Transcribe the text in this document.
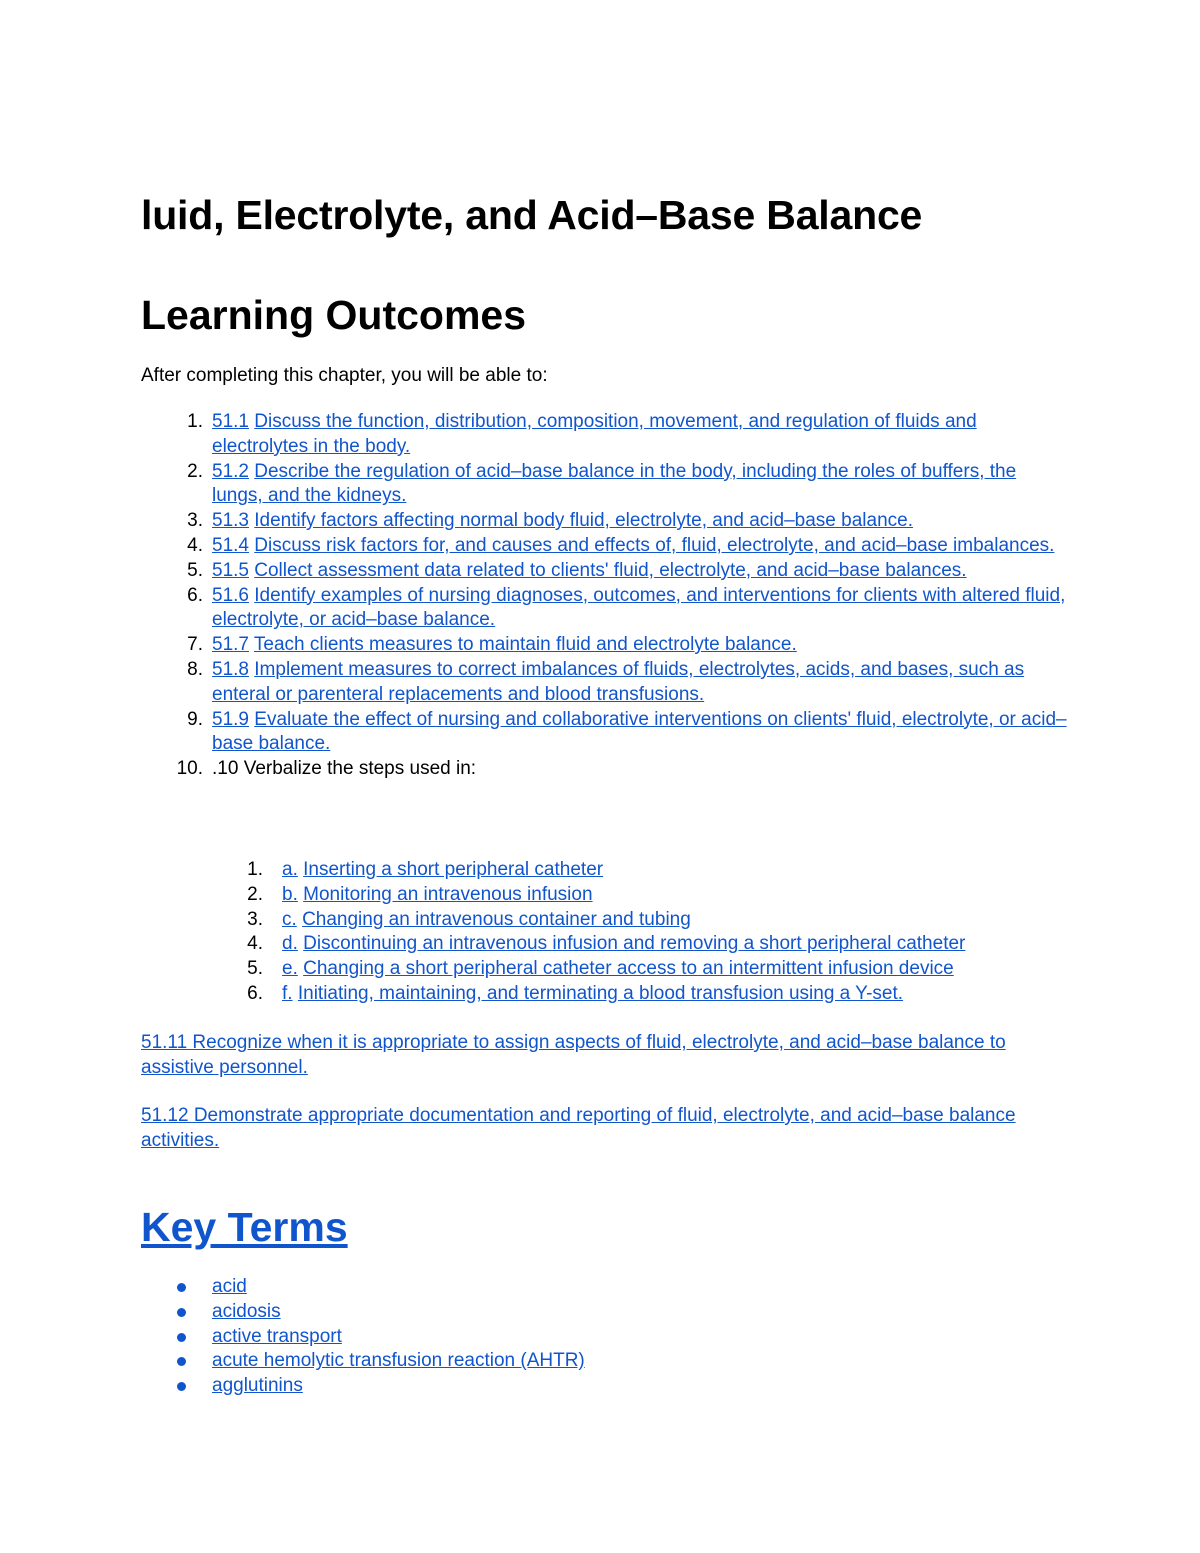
luid, Electrolyte, and Acid–Base Balance
Learning Outcomes

After completing this chapter, you will be able to:

1. 51.1 Discuss the function, distribution, composition, movement, and regulation of fluids and electrolytes in the body.
2. 51.2 Describe the regulation of acid–base balance in the body, including the roles of buffers, the lungs, and the kidneys.
3. 51.3 Identify factors affecting normal body fluid, electrolyte, and acid–base balance.
4. 51.4 Discuss risk factors for, and causes and effects of, fluid, electrolyte, and acid–base imbalances.
5. 51.5 Collect assessment data related to clients' fluid, electrolyte, and acid–base balances.
6. 51.6 Identify examples of nursing diagnoses, outcomes, and interventions for clients with altered fluid, electrolyte, or acid–base balance.
7. 51.7 Teach clients measures to maintain fluid and electrolyte balance.
8. 51.8 Implement measures to correct imbalances of fluids, electrolytes, acids, and bases, such as enteral or parenteral replacements and blood transfusions.
9. 51.9 Evaluate the effect of nursing and collaborative interventions on clients' fluid, electrolyte, or acid–base balance.
10. .10 Verbalize the steps used in:
1. a. Inserting a short peripheral catheter
2. b. Monitoring an intravenous infusion
3. c. Changing an intravenous container and tubing
4. d. Discontinuing an intravenous infusion and removing a short peripheral catheter
5. e. Changing a short peripheral catheter access to an intermittent infusion device
6. f. Initiating, maintaining, and terminating a blood transfusion using a Y-set.

51.11 Recognize when it is appropriate to assign aspects of fluid, electrolyte, and acid–base balance to assistive personnel.

51.12 Demonstrate appropriate documentation and reporting of fluid, electrolyte, and acid–base balance activities.

Key Terms
acid
acidosis
active transport
acute hemolytic transfusion reaction (AHTR)
agglutinins
